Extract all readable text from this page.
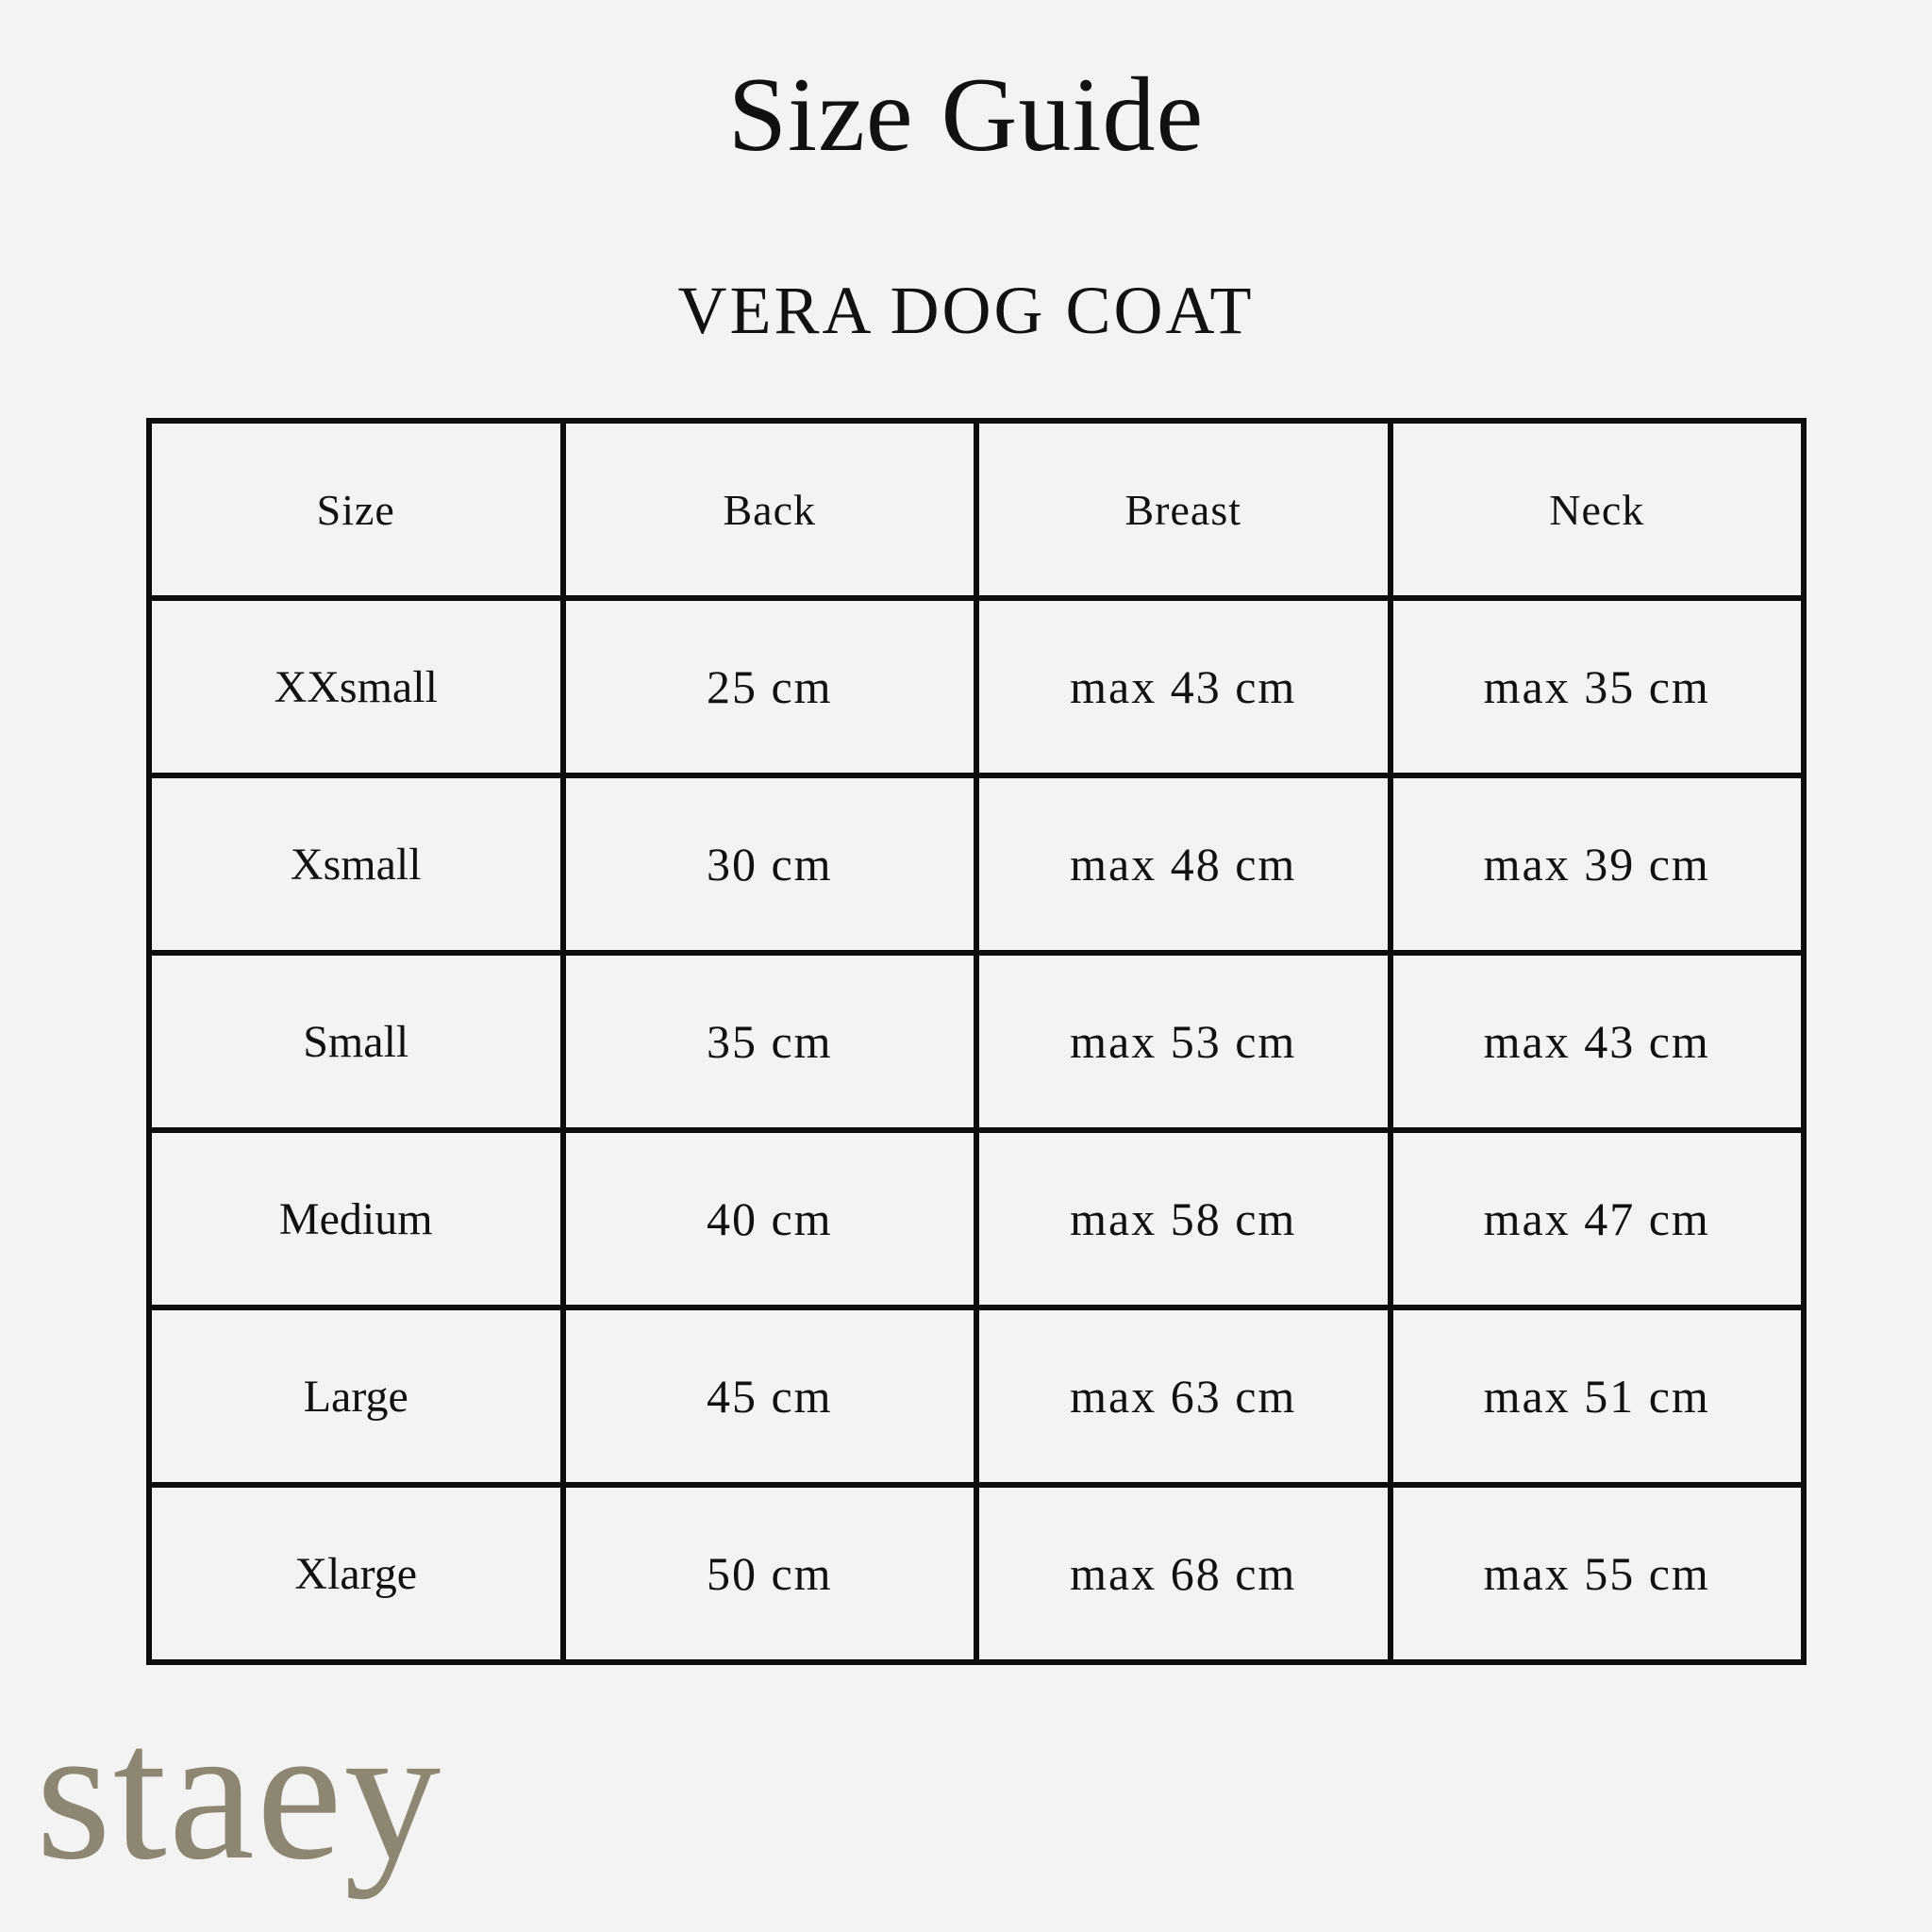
Size Guide
VERA DOG COAT
Size	Back	Breast	Neck
XXsmall	25 cm	max 43 cm	max 35 cm
Xsmall	30 cm	max 48 cm	max 39 cm
Small	35 cm	max 53 cm	max 43 cm
Medium	40 cm	max 58 cm	max 47 cm
Large	45 cm	max 63 cm	max 51 cm
Xlarge	50 cm	max 68 cm	max 55 cm
staey
